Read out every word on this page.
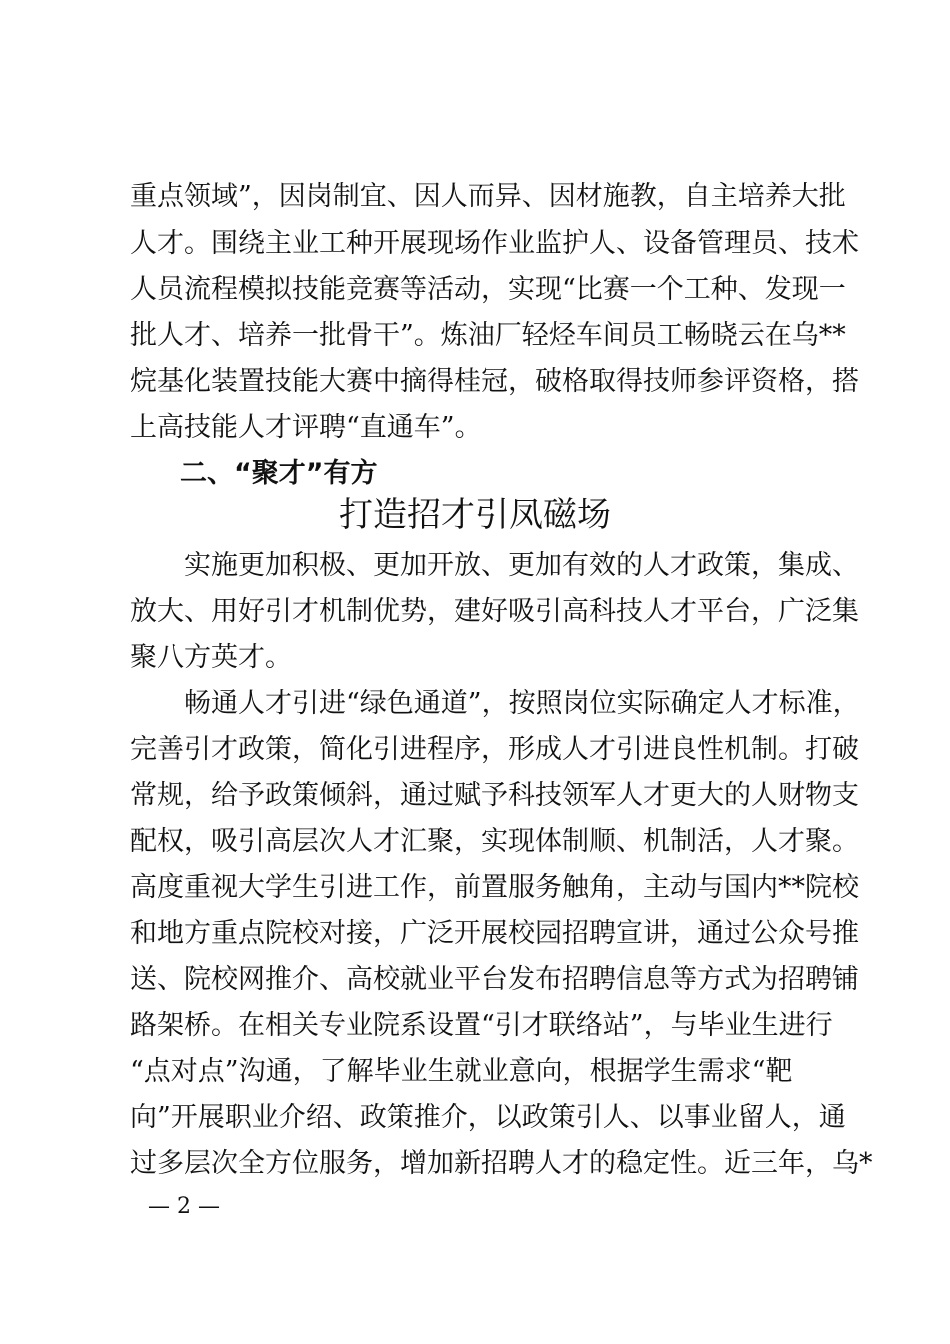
重点领域”，因岗制宜、因人而异、因材施教，自主培养大批
人才。围绕主业工种开展现场作业监护人、设备管理员、技术
人员流程模拟技能竞赛等活动，实现“比赛一个工种、发现一
批人才、培养一批骨干”。炼油厂轻烃车间员工畅晓云在乌**
烷基化装置技能大赛中摘得桂冠，破格取得技师参评资格，搭
上高技能人才评聘“直通车”。
二、“聚才”有方
打造招才引凤磁场
　　实施更加积极、更加开放、更加有效的人才政策，集成、
放大、用好引才机制优势，建好吸引高科技人才平台，广泛集
聚八方英才。
　　畅通人才引进“绿色通道”，按照岗位实际确定人才标准，
完善引才政策，简化引进程序，形成人才引进良性机制。打破
常规，给予政策倾斜，通过赋予科技领军人才更大的人财物支
配权，吸引高层次人才汇聚，实现体制顺、机制活，人才聚。
高度重视大学生引进工作，前置服务触角，主动与国内**院校
和地方重点院校对接，广泛开展校园招聘宣讲，通过公众号推
送、院校网推介、高校就业平台发布招聘信息等方式为招聘铺
路架桥。在相关专业院系设置“引才联络站”，与毕业生进行
“点对点”沟通，了解毕业生就业意向，根据学生需求“靶
向”开展职业介绍、政策推介，以政策引人、以事业留人，通
过多层次全方位服务，增加新招聘人才的稳定性。近三年，乌*
— 2 —
